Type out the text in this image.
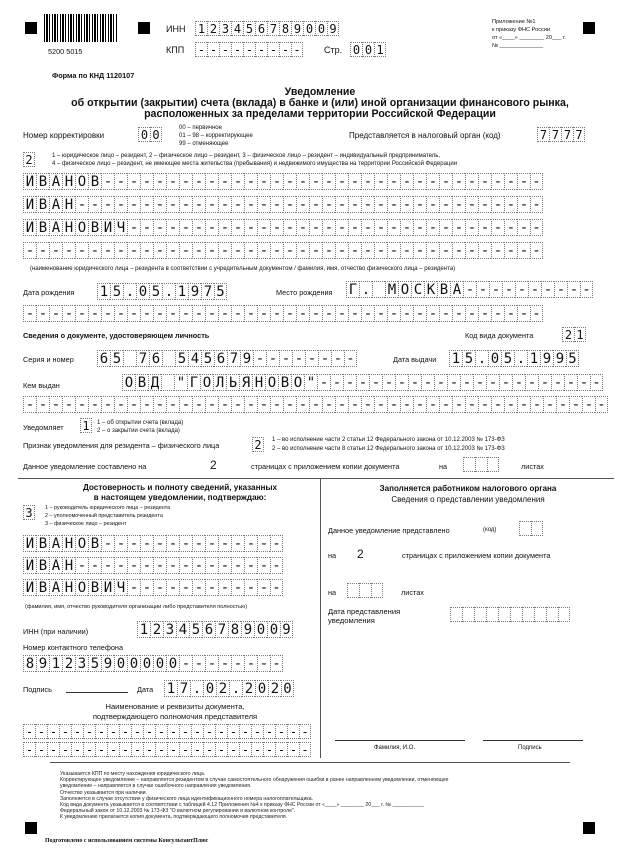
5200 5015
ИНН 1 2 3 4 5 6 7 8 9 0 0 9
КПП - - - - - - - - -	Стр. 0 0 1
Приложение №1
к приказу ФНС России
от «____» ________ 20___ г.
№ ______________
Форма по КНД 1120107
Уведомление
об открытии (закрытии) счета (вклада) в банке и (или) иной организации финансового рынка,
расположенных за пределами территории Российской Федерации
Номер корректировки	0 0	00 – первичное
01 – 98 – корректирующее
99 – отменяющее
Представляется в налоговый орган (код)	7 7 7 7
2	1 – юридическое лицо – резидент, 2 – физическое лицо – резидент, 3 – физическое лицо – резидент – индивидуальный предприниматель,
4 – физическое лицо – резидент, не имеющее места жительства (пребывания) и недвижимого имущества на территории Российской Федерации
И В А Н О В - - - - - - - - - - - - - - - - - - - - - - - - - - - - - - - - - -
И В А Н - - - - - - - - - - - - - - - - - - - - - - - - - - - - - - - - - - - -
И В А Н О В И Ч - - - - - - - - - - - - - - - - - - - - - - - - - - - - - - - -
- - - - - - - - - - - - - - - - - - - - - - - - - - - - - - - - - - - - - - - -
(наименование юридического лица – резидента в соответствии с учредительным документом / фамилия, имя, отчество физического лица – резидента)
Дата рождения 1 5 . 0 5 . 1 9 7 5	Место рождения Г . М О С К В А - - - - - - - - - -
- - - - - - - - - - - - - - - - - - - - - - - - - - - - - - - - - - - - - - - -
Сведения о документе, удостоверяющем личность	Код вида документа	2 1
Серия и номер 6 5 7 6 5 4 5 6 7 9 - - - - - - - -	Дата выдачи 1 5 . 0 5 . 1 9 9 5
Кем выдан	О В Д " Г О Л Ь Я Н О В О " - - - - - - - - - - - - - - - - - - - - - -
- - - - - - - - - - - - - - - - - - - - - - - - - - - - - - - - - - - - - - - - - - - - -
Уведомляет 1	1 – об открытии счета (вклада)
2 – о закрытии счета (вклада)
Признак уведомления для резидента – физического лица	2	1 – во исполнение части 2 статьи 12 Федерального закона от 10.12.2003 № 173-ФЗ
2 – во исполнение части 8 статьи 12 Федерального закона от 10.12.2003 № 173-ФЗ
Данное уведомление составлено на	2	страницах с приложением копии документа	на	листах
Достоверность и полноту сведений, указанных
в настоящем уведомлении, подтверждаю:
3	1 – руководитель юридического лица – резидента
2 – уполномоченный представитель резидента
3 – физическое лицо – резидент
И В А Н О В - - - - - - - - - - - - - -
И В А Н - - - - - - - - - - - - - - - -
И В А Н О В И Ч - - - - - - - - - - - -
(фамилия, имя, отчество руководителя организации либо представителя полностью)
ИНН (при наличии)	1 2 3 4 5 6 7 8 9 0 0 9
Номер контактного телефона
8 9 1 2 3 5 9 0 0 0 0 0 - - - - - - - -
Подпись	Дата 1 7 . 0 2 . 2 0 2 0
Наименование и реквизиты документа,
подтверждающего полномочия представителя
- - - - - - - - - - - - - - - - - - - - - - - -
- - - - - - - - - - - - - - - - - - - - - - - -
Заполняется работником налогового органа
Сведения о представлении уведомления
Данное уведомление представлено	(код)
на 2	страницах с приложением копии документа
на	листах
Дата представления
уведомления
Фамилия, И.О.	Подпись
Указывается КПП по месту нахождения юридического лица.
Корректирующее уведомление – направляется резидентом в случае самостоятельного обнаружения ошибки в ранее направленном уведомлении, отменяющее
уведомление – направляется в случае ошибочного направления уведомления.
Отчество указывается при наличии.
Заполняется в случае отсутствия у физического лица идентификационного номера налогоплательщика.
Код вида документа указывается в соответствии с таблицей 4.12 Приложения №4 к приказу ФНС России от «____» ________ 20___ г. № ___________
Федеральный закон от 10.12.2003 № 173-ФЗ "О валютном регулировании и валютном контроле".
К уведомлению прилагается копия документа, подтверждающего полномочия представителя.
Подготовлено с использованием системы КонсультантПлюс
